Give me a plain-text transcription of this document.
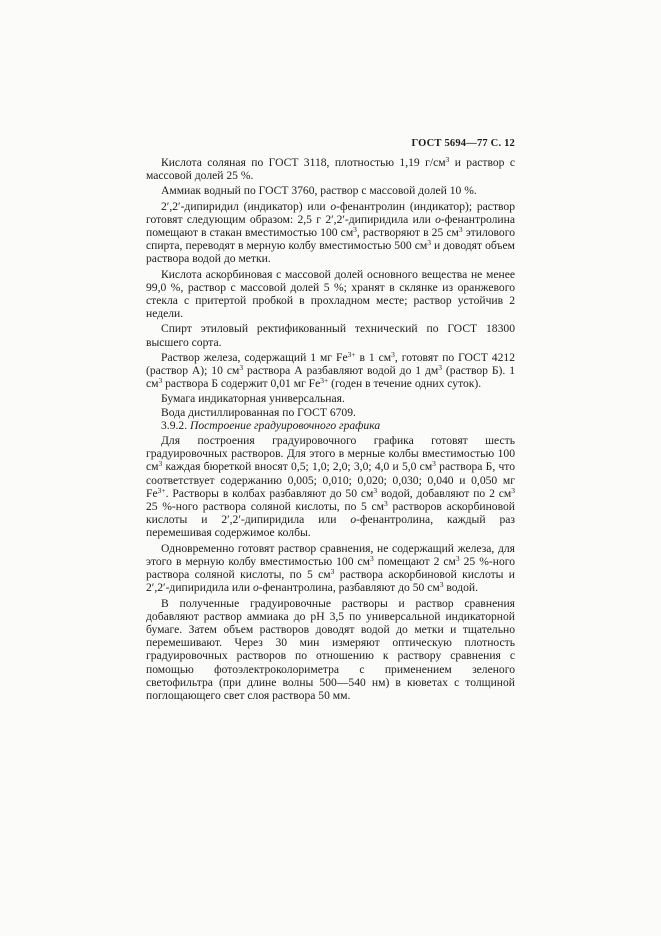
ГОСТ 5694—77 С. 12

Кислота соляная по ГОСТ 3118, плотностью 1,19 $г/см^3$ и раствор с массовой долей 25 %.

Аммиак водный по ГОСТ 3760, раствор с массовой долей 10 %.

2′,2′-дипиридил (индикатор) или о-фенантролин (индикатор); раствор готовят следующим образом: 2,5 г 2′,2′-дипиридила или о-фенантролина помещают в стакан вместимостью 100 $см^3$, растворяют в 25 $см^3$ этилового спирта, переводят в мерную колбу вместимостью 500 $см^3$ и доводят объем раствора водой до метки.

Кислота аскорбиновая с массовой долей основного вещества не менее 99,0 %, раствор с массовой долей 5 %; хранят в склянке из оранжевого стекла с притертой пробкой в прохладном месте; раствор устойчив 2 недели.

Спирт этиловый ректификованный технический по ГОСТ 18300 высшего сорта.

Раствор железа, содержащий 1 мг $Fe^{3+}$ в 1 $см^3$, готовят по ГОСТ 4212 (раствор А); 10 $см^3$ раствора А разбавляют водой до 1 $дм^3$ (раствор Б). 1 $см^3$ раствора Б содержит 0,01 мг $Fe^{3+}$ (годен в течение одних суток).

Бумага индикаторная универсальная.

Вода дистиллированная по ГОСТ 6709.

3.9.2. Построение градуировочного графика

Для построения градуировочного графика готовят шесть градуировочных растворов. Для этого в мерные колбы вместимостью 100 $см^3$ каждая бюреткой вносят 0,5; 1,0; 2,0; 3,0; 4,0 и 5,0 $см^3$ раствора Б, что соответствует содержанию 0,005; 0,010; 0,020; 0,030; 0,040 и 0,050 мг $Fe^{3+}$. Растворы в колбах разбавляют до 50 $см^3$ водой, добавляют по 2 $см^3$ 25 %-ного раствора соляной кислоты, по 5 $см^3$ растворов аскорбиновой кислоты и 2′,2′-дипиридила или о-фенантролина, каждый раз перемешивая содержимое колбы.

Одновременно готовят раствор сравнения, не содержащий железа, для этого в мерную колбу вместимостью 100 $см^3$ помещают 2 $см^3$ 25 %-ного раствора соляной кислоты, по 5 $см^3$ раствора аскорбиновой кислоты и 2′,2′-дипиридила или о-фенантролина, разбавляют до 50 $см^3$ водой.

В полученные градуировочные растворы и раствор сравнения добавляют раствор аммиака до pH 3,5 по универсальной индикаторной бумаге. Затем объем растворов доводят водой до метки и тщательно перемешивают. Через 30 мин измеряют оптическую плотность градуировочных растворов по отношению к раствору сравнения с помощью фотоэлектроколориметра с применением зеленого светофильтра (при длине волны 500—540 нм) в кюветах с толщиной поглощающего свет слоя раствора 50 мм.
